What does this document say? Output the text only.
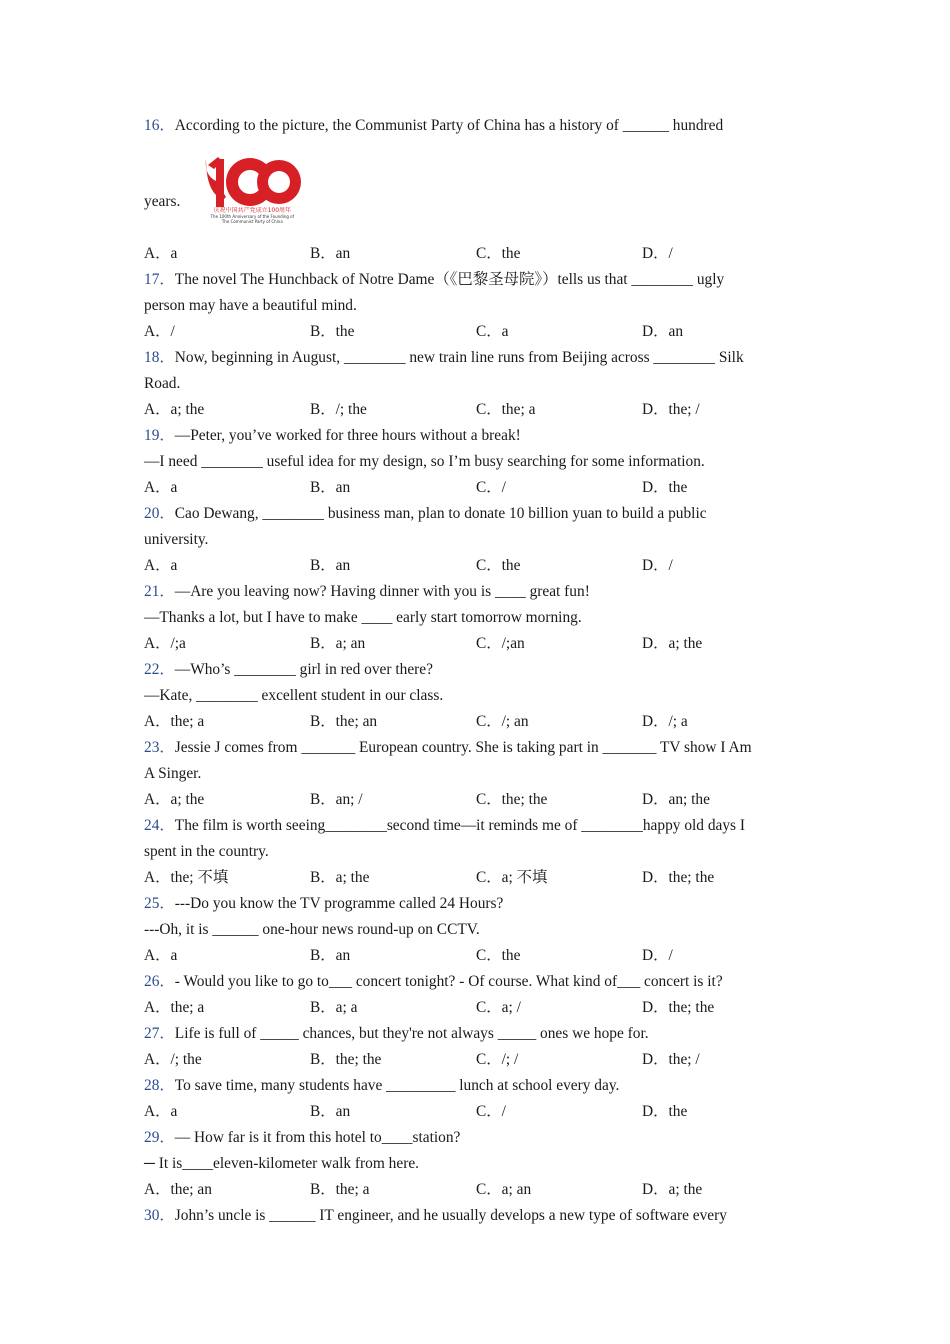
16．According to the picture, the Communist Party of China has a history of ______ hundred
years.
庆祝中国共产党成立100周年
The 100th Anniversary of the Founding of The Communist Party of China
A．a	B．an	C．the	D．/
17．The novel The Hunchback of Notre Dame（《巴黎圣母院》）tells us that ________ ugly
person may have a beautiful mind.
A．/	B．the	C．a	D．an
18．Now, beginning in August, ________ new train line runs from Beijing across ________ Silk
Road.
A．a; the	B．/; the	C．the; a	D．the; /
19．—Peter, you’ve worked for three hours without a break!
—I need ________ useful idea for my design, so I’m busy searching for some information.
A．a	B．an	C．/	D．the
20．Cao Dewang, ________ business man, plan to donate 10 billion yuan to build a public
university.
A．a	B．an	C．the	D．/
21．—Are you leaving now? Having dinner with you is ____ great fun!
—Thanks a lot, but I have to make ____ early start tomorrow morning.
A．/;a	B．a; an	C．/;an	D．a; the
22．—Who’s ________ girl in red over there?
—Kate, ________ excellent student in our class.
A．the; a	B．the; an	C．/; an	D．/; a
23．Jessie J comes from _______ European country. She is taking part in _______ TV show I Am
A Singer.
A．a; the	B．an; /	C．the; the	D．an; the
24．The film is worth seeing________second time—it reminds me of ________happy old days I
spent in the country.
A．the; 不填	B．a; the	C．a; 不填	D．the; the
25．---Do you know the TV programme called 24 Hours?
---Oh, it is ______ one-hour news round-up on CCTV.
A．a	B．an	C．the	D．/
26．- Would you like to go to___ concert tonight? - Of course. What kind of___ concert is it?
A．the; a	B．a; a	C．a; /	D．the; the
27．Life is full of _____ chances, but they're not always _____ ones we hope for.
A．/; the	B．the; the	C．/; /	D．the; /
28．To save time, many students have _________ lunch at school every day.
A．a	B．an	C．/	D．the
29．— How far is it from this hotel to____station?
─ It is____eleven-kilometer walk from here.
A．the; an	B．the; a	C．a; an	D．a; the
30．John’s uncle is ______ IT engineer, and he usually develops a new type of software every
